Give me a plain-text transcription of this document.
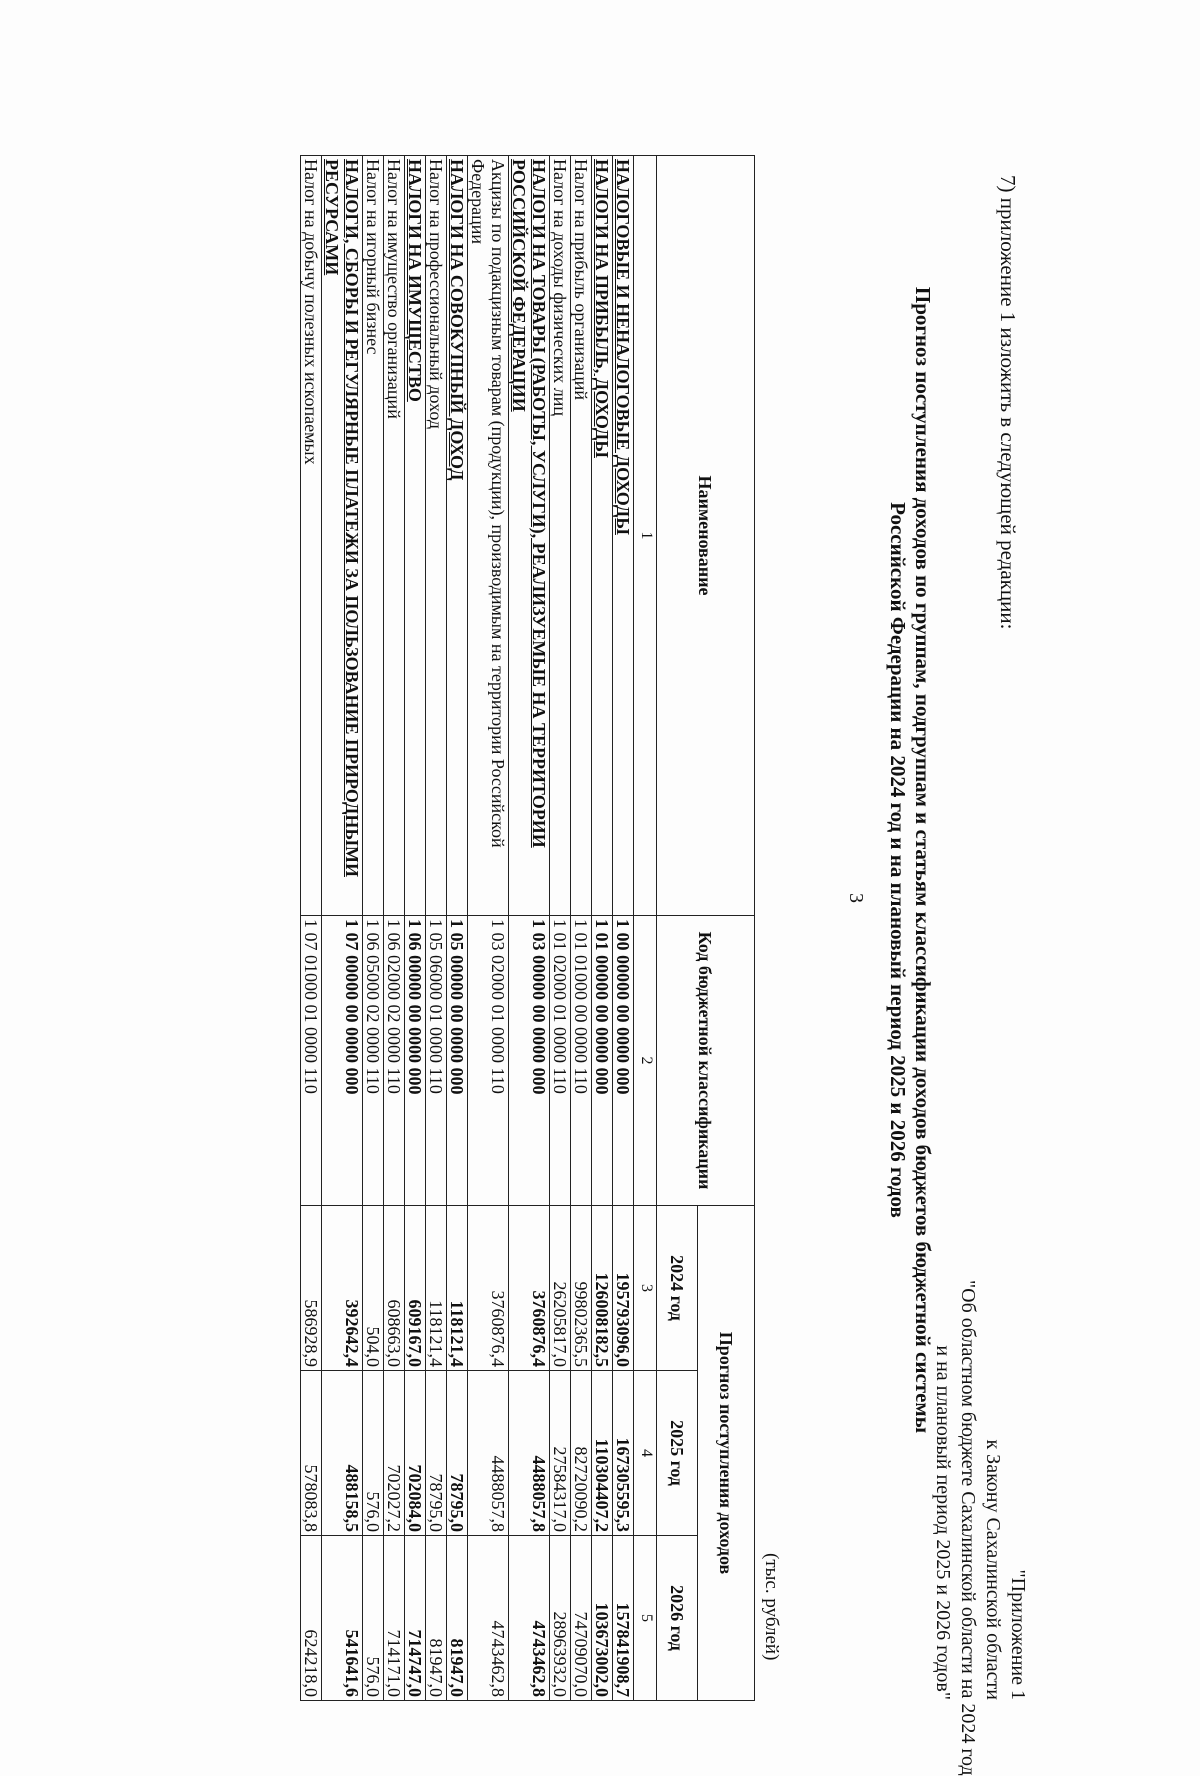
3
"Приложение 1
к Закону Сахалинской области
"Об областном бюджете Сахалинской области на 2024 год
и на плановый период 2025 и 2026 годов"
7) приложение 1 изложить в следующей редакции:
Прогноз поступления доходов по группам, подгруппам и статьям классификации доходов бюджетов бюджетной системы
Российской Федерации на 2024 год и на плановый период 2025 и 2026 годов
(тыс. рублей)
Наименование	Код бюджетной классификации	Прогноз поступления доходов		
		2024 год	2025 год	2026 год
1	2	3	4	5
НАЛОГОВЫЕ И НЕНАЛОГОВЫЕ ДОХОДЫ	1 00 00000 00 0000 000	195793096,0	167305595,3	157841908,7
НАЛОГИ НА ПРИБЫЛЬ, ДОХОДЫ	1 01 00000 00 0000 000	126008182,5	110304407,2	103673002,0
Налог на прибыль организаций	1 01 01000 00 0000 110	99802365,5	82720090,2	74709070,0
Налог на доходы физических лиц	1 01 02000 01 0000 110	26205817,0	27584317,0	28963932,0
НАЛОГИ НА ТОВАРЫ (РАБОТЫ, УСЛУГИ), РЕАЛИЗУЕМЫЕ НА ТЕРРИТОРИИ РОССИЙСКОЙ ФЕДЕРАЦИИ	1 03 00000 00 0000 000	3760876,4	4488057,8	4743462,8
Акцизы по подакцизным товарам (продукции), производимым на территории Российской Федерации	1 03 02000 01 0000 110	3760876,4	4488057,8	4743462,8
НАЛОГИ НА СОВОКУПНЫЙ ДОХОД	1 05 00000 00 0000 000	118121,4	78795,0	81947,0
Налог на профессиональный доход	1 05 06000 01 0000 110	118121,4	78795,0	81947,0
НАЛОГИ НА ИМУЩЕСТВО	1 06 00000 00 0000 000	609167,0	702084,0	714747,0
Налог на имущество организаций	1 06 02000 02 0000 110	608663,0	702027,2	714171,0
Налог на игорный бизнес	1 06 05000 02 0000 110	504,0	576,0	576,0
НАЛОГИ, СБОРЫ И РЕГУЛЯРНЫЕ ПЛАТЕЖИ ЗА ПОЛЬЗОВАНИЕ ПРИРОДНЫМИ РЕСУРСАМИ	1 07 00000 00 0000 000	392642,4	488158,5	541641,6
Налог на добычу полезных ископаемых	1 07 01000 01 0000 110	586928,9	578083,8	624218,0
